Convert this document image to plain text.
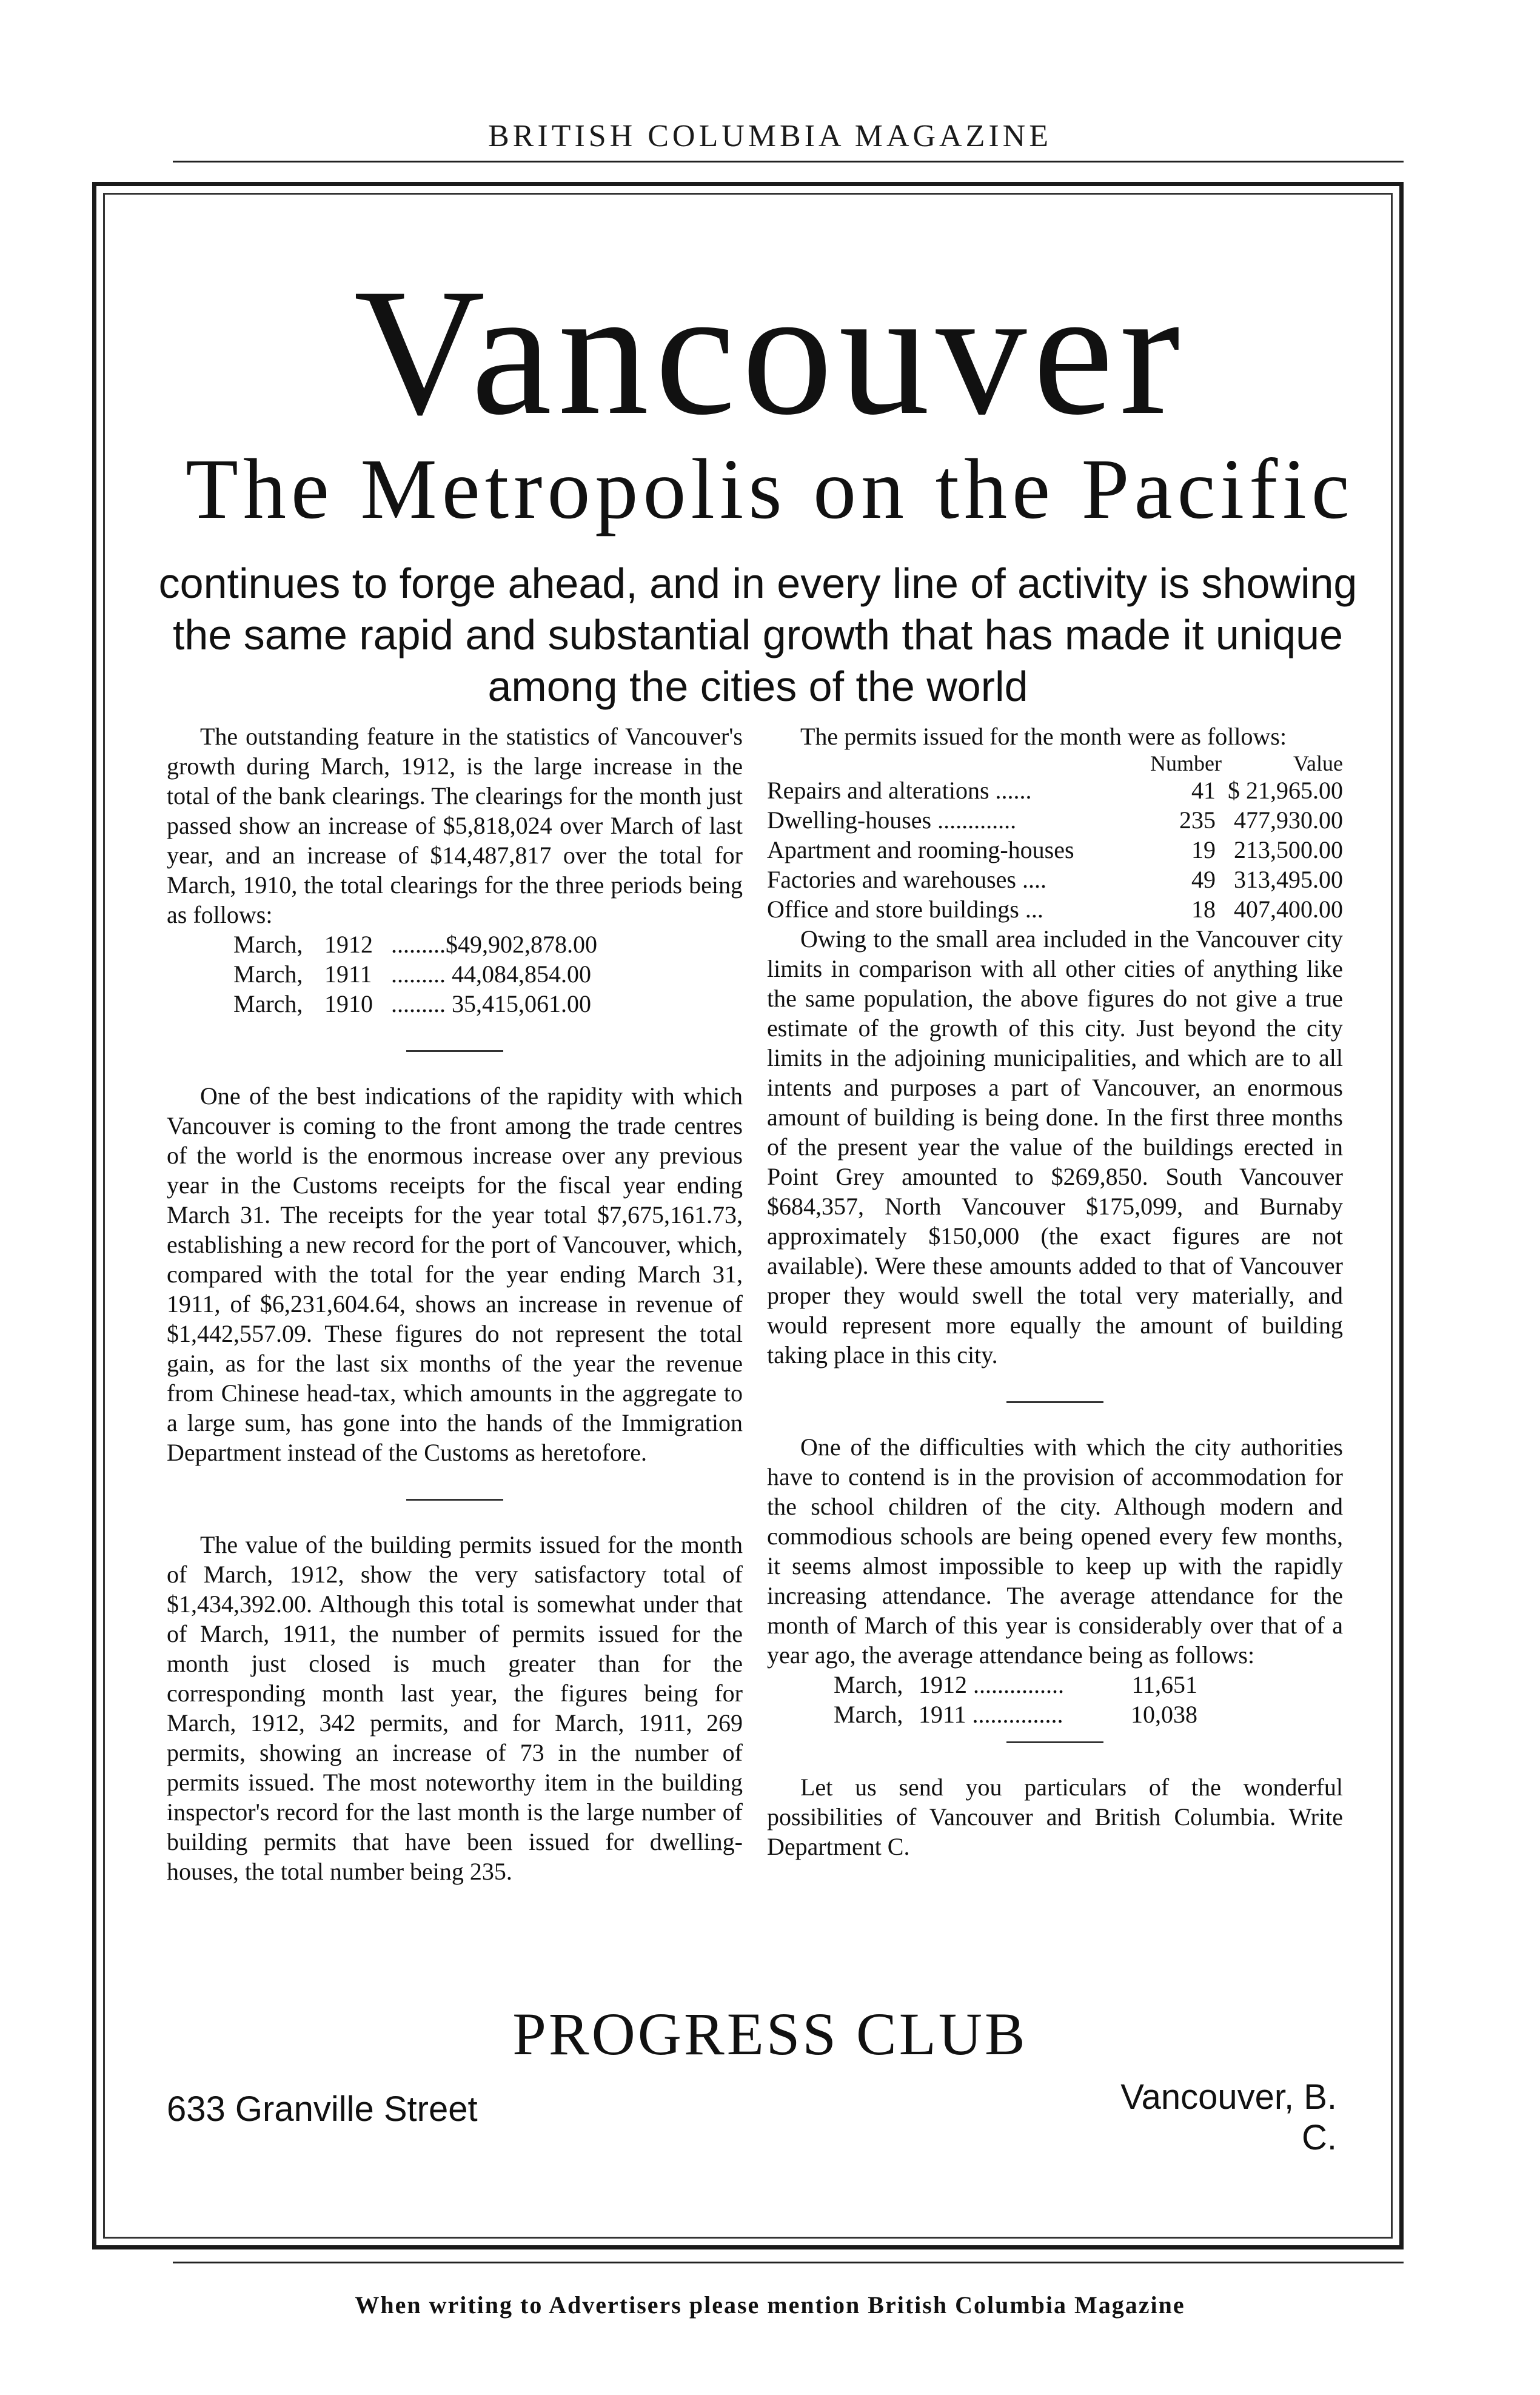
BRITISH COLUMBIA MAGAZINE
Vancouver
The Metropolis on the Pacific
continues to forge ahead, and in every line of activity is showing the same rapid and substantial growth that has made it unique among the cities of the world

The outstanding feature in the statistics of Vancouver's growth during March, 1912, is the large increase in the total of the bank clearings. The clearings for the month just passed show an increase of $5,818,024 over March of last year, and an increase of $14,487,817 over the total for March, 1910, the total clearings for the three periods being as follows:

March, 1912 .........$49,902,878.00
March, 1911 ......... 44,084,854.00
March, 1910 ......... 35,415,061.00

One of the best indications of the rapidity with which Vancouver is coming to the front among the trade centres of the world is the enormous increase over any previous year in the Customs receipts for the fiscal year ending March 31. The receipts for the year total $7,675,161.73, establishing a new record for the port of Vancouver, which, compared with the total for the year ending March 31, 1911, of $6,231,604.64, shows an increase in revenue of $1,442,557.09. These figures do not represent the total gain, as for the last six months of the year the revenue from Chinese head-tax, which amounts in the aggregate to a large sum, has gone into the hands of the Immigration Department instead of the Customs as heretofore.

The value of the building permits issued for the month of March, 1912, show the very satisfactory total of $1,434,392.00. Although this total is somewhat under that of March, 1911, the number of permits issued for the month just closed is much greater than for the corresponding month last year, the figures being for March, 1912, 342 permits, and for March, 1911, 269 permits, showing an increase of 73 in the number of permits issued. The most noteworthy item in the building inspector's record for the last month is the large number of building permits that have been issued for dwelling-houses, the total number being 235.

The permits issued for the month were as follows:

Number	Value
Repairs and alterations ......	41 $ 21,965.00
Dwelling-houses .............	235 477,930.00
Apartment and rooming-houses	19 213,500.00
Factories and warehouses ....	49 313,495.00
Office and store buildings ...	18 407,400.00

Owing to the small area included in the Vancouver city limits in comparison with all other cities of anything like the same population, the above figures do not give a true estimate of the growth of this city. Just beyond the city limits in the adjoining municipalities, and which are to all intents and purposes a part of Vancouver, an enormous amount of building is being done. In the first three months of the present year the value of the buildings erected in Point Grey amounted to $269,850. South Vancouver $684,357, North Vancouver $175,099, and Burnaby approximately $150,000 (the exact figures are not available). Were these amounts added to that of Vancouver proper they would swell the total very materially, and would represent more equally the amount of building taking place in this city.

One of the difficulties with which the city authorities have to contend is in the provision of accommodation for the school children of the city. Although modern and commodious schools are being opened every few months, it seems almost impossible to keep up with the rapidly increasing attendance. The average attendance for the month of March of this year is considerably over that of a year ago, the average attendance being as follows:

March, 1912 ...............	11,651
March, 1911 ...............	10,038

Let us send you particulars of the wonderful possibilities of Vancouver and British Columbia. Write Department C.

PROGRESS CLUB
633 Granville Street	Vancouver, B. C.
When writing to Advertisers please mention British Columbia Magazine
